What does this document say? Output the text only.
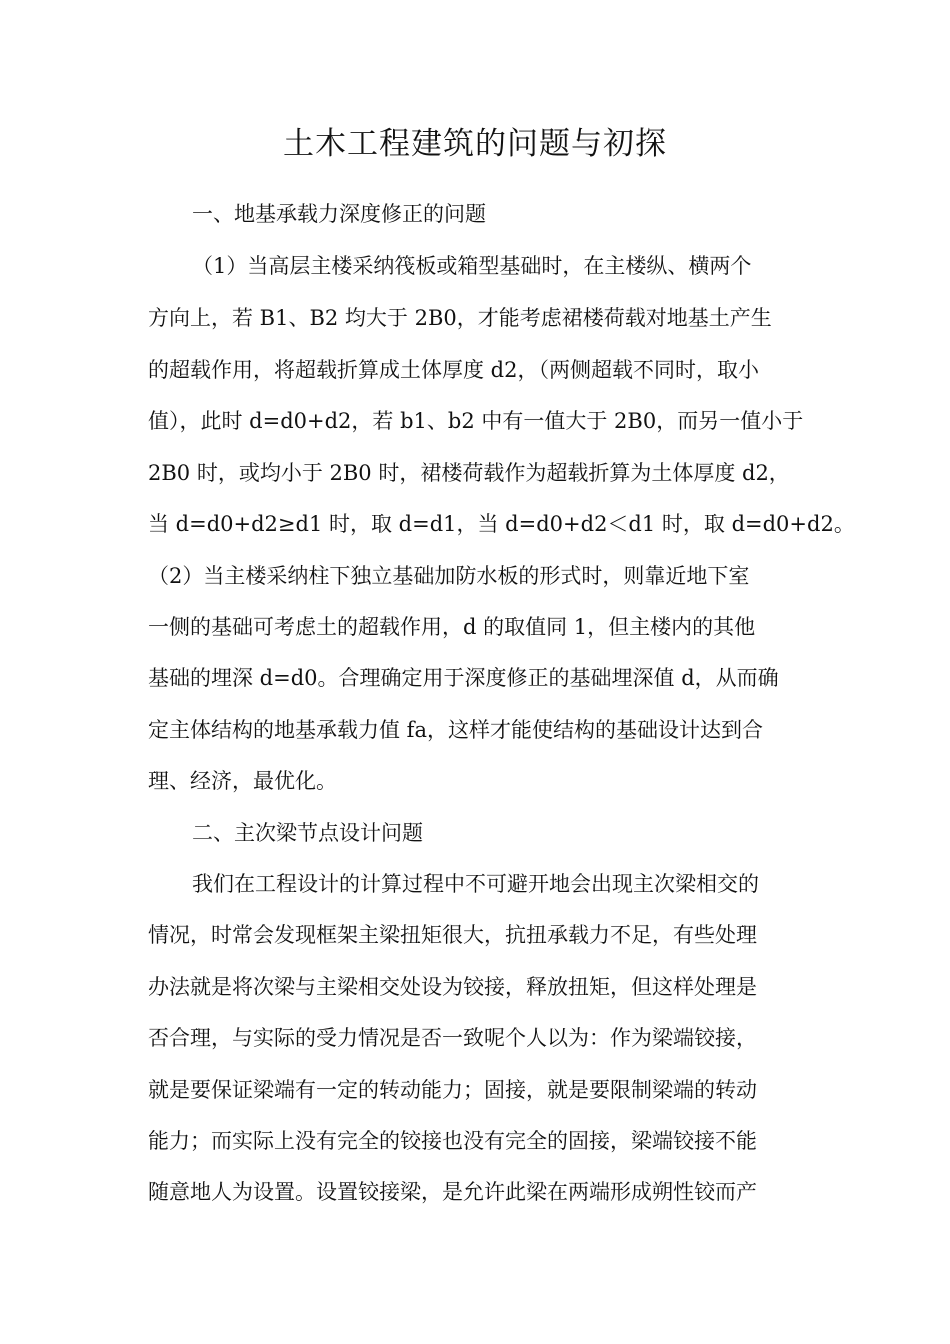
土木工程建筑的问题与初探
一、地基承载力深度修正的问题
（1）当高层主楼采纳筏板或箱型基础时，在主楼纵、横两个
方向上，若 B1、B2 均大于 2B0，才能考虑裙楼荷载对地基土产生
的超载作用，将超载折算成土体厚度 d2，（两侧超载不同时，取小
值），此时 d=d0+d2，若 b1、b2 中有一值大于 2B0，而另一值小于
2B0 时，或均小于 2B0 时，裙楼荷载作为超载折算为土体厚度 d2，
当 d=d0+d2≥d1 时，取 d=d1，当 d=d0+d2＜d1 时，取 d=d0+d2。
（2）当主楼采纳柱下独立基础加防水板的形式时，则靠近地下室
一侧的基础可考虑土的超载作用，d 的取值同 1，但主楼内的其他
基础的埋深 d=d0。合理确定用于深度修正的基础埋深值 d，从而确
定主体结构的地基承载力值 fa，这样才能使结构的基础设计达到合
理、经济，最优化。
二、主次梁节点设计问题
我们在工程设计的计算过程中不可避开地会出现主次梁相交的
情况，时常会发现框架主梁扭矩很大，抗扭承载力不足，有些处理
办法就是将次梁与主梁相交处设为铰接，释放扭矩，但这样处理是
否合理，与实际的受力情况是否一致呢个人以为：作为梁端铰接，
就是要保证梁端有一定的转动能力；固接，就是要限制梁端的转动
能力；而实际上没有完全的铰接也没有完全的固接，梁端铰接不能
随意地人为设置。设置铰接梁，是允许此梁在两端形成朔性铰而产
